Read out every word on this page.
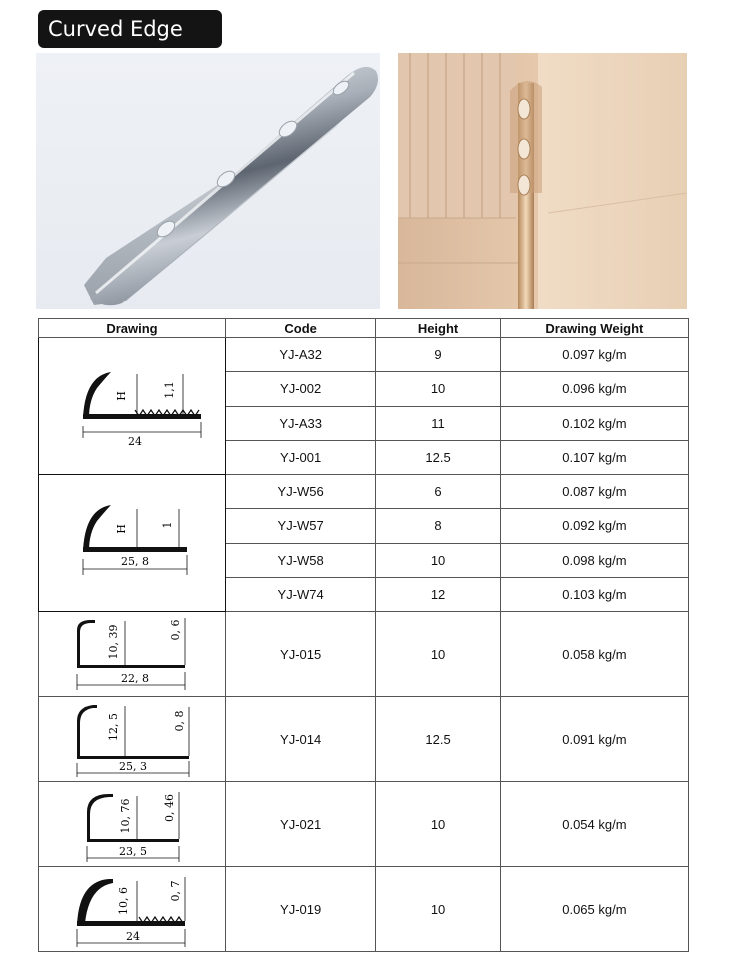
Curved Edge
Drawing	Code	Height	Drawing Weight

H 1,1
24	YJ-A32	9	0.097 kg/m
	YJ-002	10	0.096 kg/m
	YJ-A33	11	0.102 kg/m
	YJ-001	12.5	0.107 kg/m

H 1
25, 8	YJ-W56	6	0.087 kg/m
	YJ-W57	8	0.092 kg/m
	YJ-W58	10	0.098 kg/m
	YJ-W74	12	0.103 kg/m

10, 39 0, 6
22, 8	YJ-015	10	0.058 kg/m

12, 5 0, 8
25, 3	YJ-014	12.5	0.091 kg/m

10, 76 0, 46
23, 5	YJ-021	10	0.054 kg/m

10, 6 0, 7
24	YJ-019	10	0.065 kg/m
